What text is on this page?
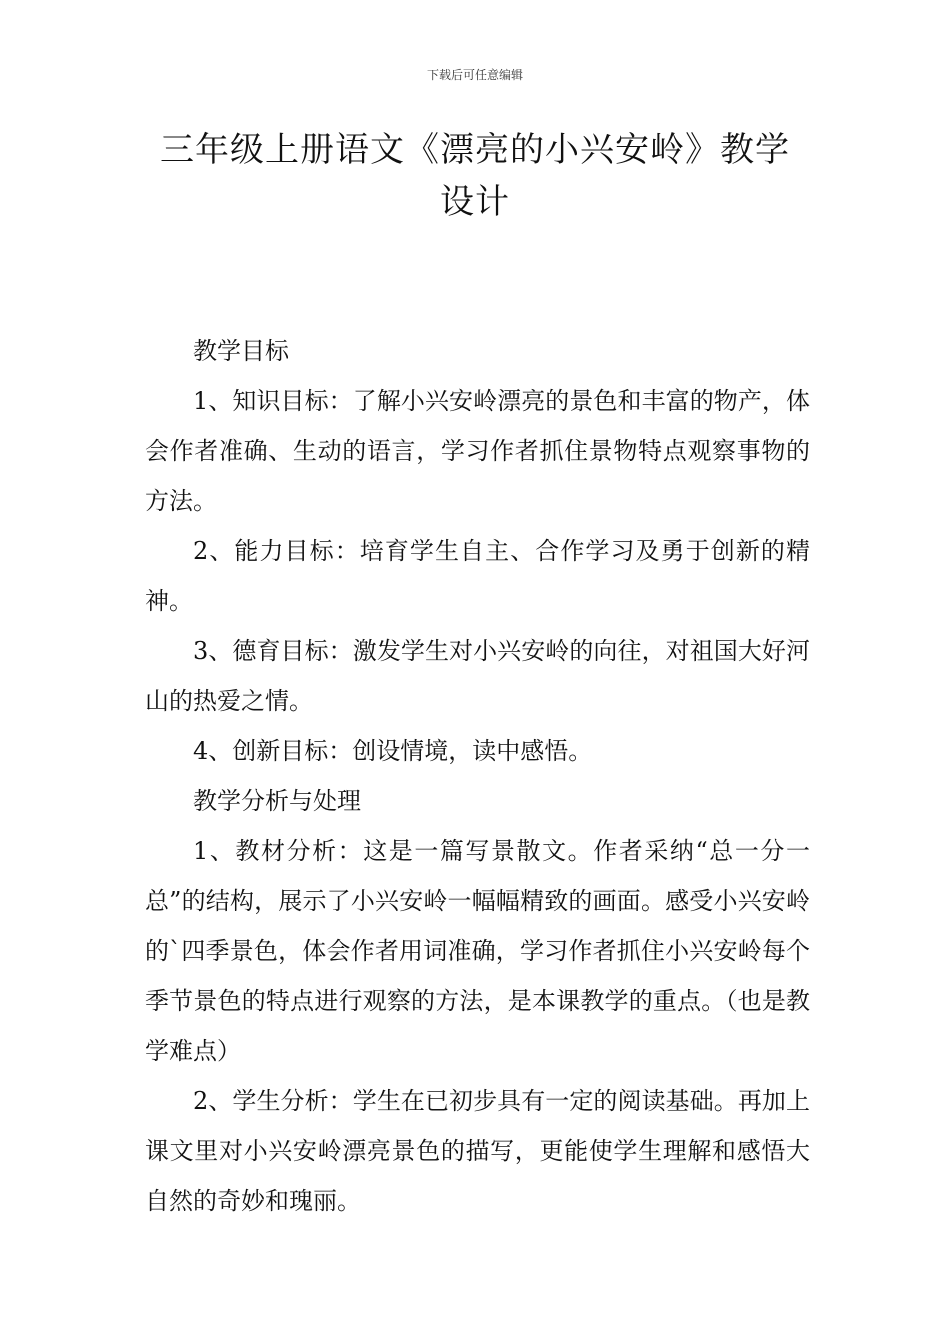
下载后可任意编辑
三年级上册语文《漂亮的小兴安岭》教学
设计

教学目标

1、知识目标：了解小兴安岭漂亮的景色和丰富的物产，体会作者准确、生动的语言，学习作者抓住景物特点观察事物的方法。

2、能力目标：培育学生自主、合作学习及勇于创新的精神。

3、德育目标：激发学生对小兴安岭的向往，对祖国大好河山的热爱之情。

4、创新目标：创设情境，读中感悟。

教学分析与处理

1、教材分析：这是一篇写景散文。作者采纳“总一分一总”的结构，展示了小兴安岭一幅幅精致的画面。感受小兴安岭的`四季景色，体会作者用词准确，学习作者抓住小兴安岭每个季节景色的特点进行观察的方法，是本课教学的重点。（也是教学难点）

2、学生分析：学生在已初步具有一定的阅读基础。再加上课文里对小兴安岭漂亮景色的描写，更能使学生理解和感悟大自然的奇妙和瑰丽。
